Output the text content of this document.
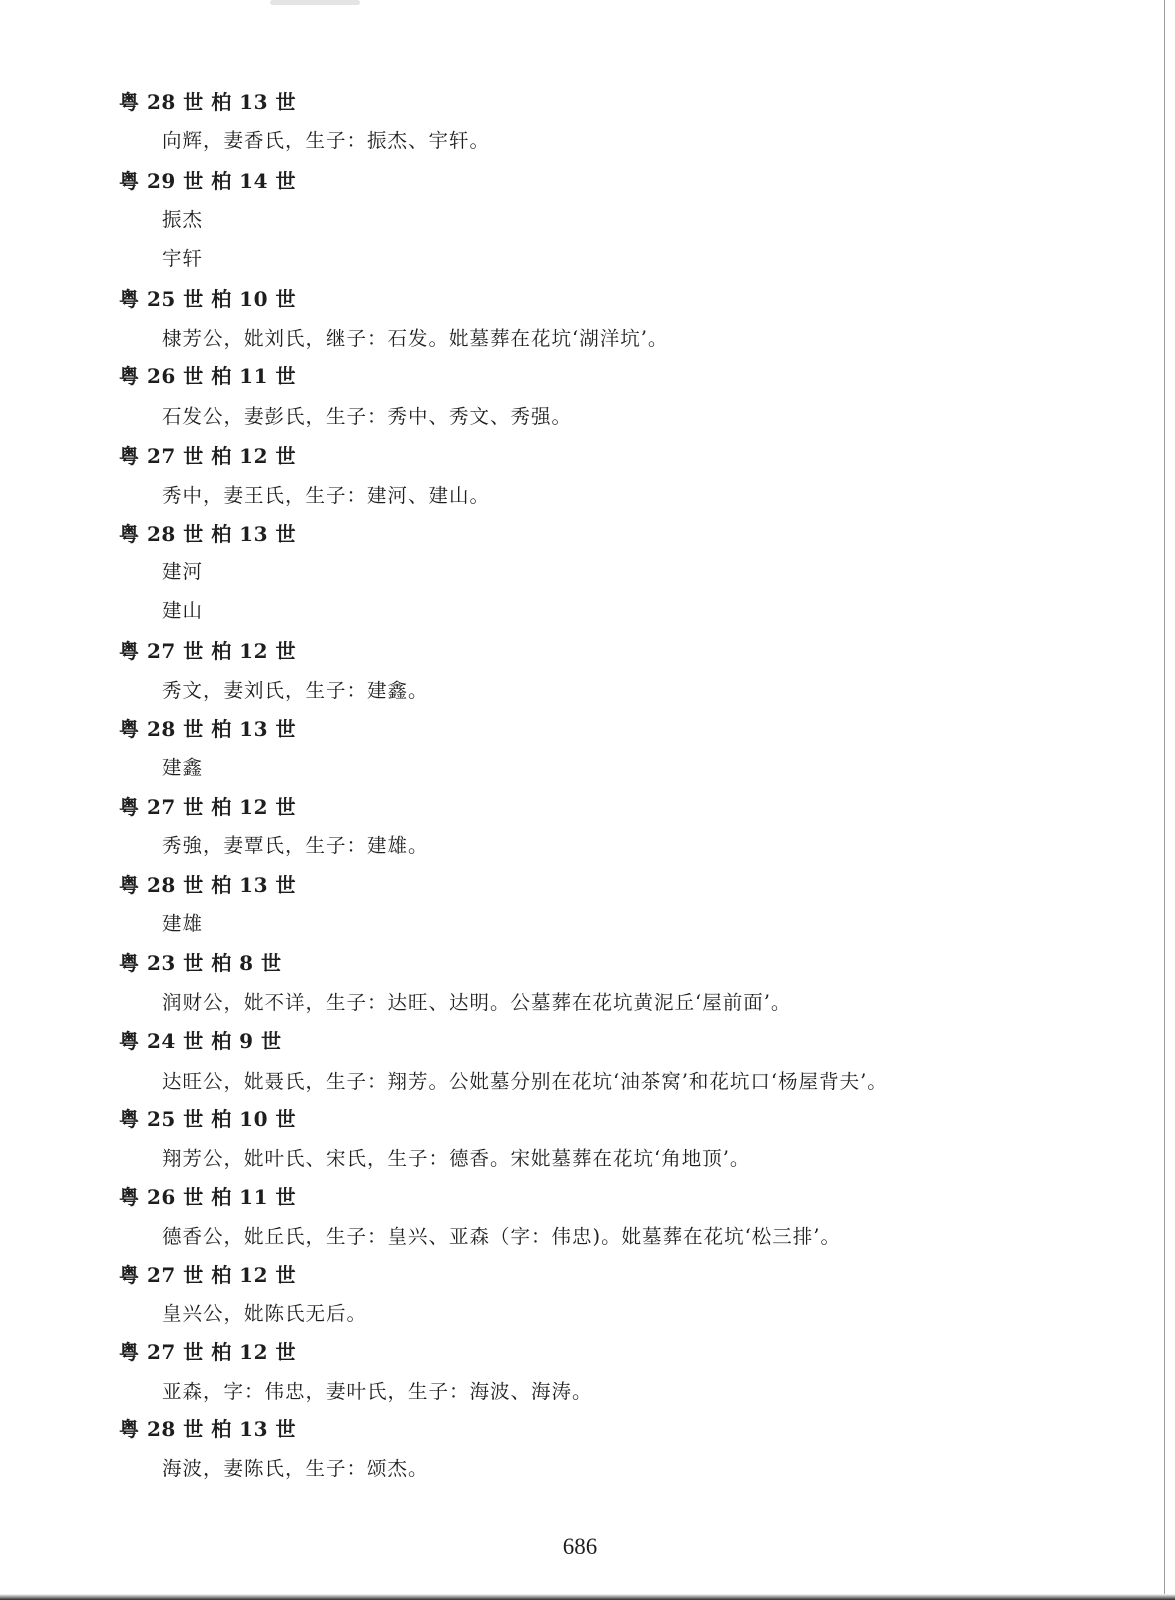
粤 28 世 柏 13 世
向辉，妻香氏，生子：振杰、宇轩。
粤 29 世 柏 14 世
振杰
宇轩
粤 25 世 柏 10 世
棣芳公，妣刘氏，继子：石发。妣墓葬在花坑‘湖洋坑’。
粤 26 世 柏 11 世
石发公，妻彭氏，生子：秀中、秀文、秀强。
粤 27 世 柏 12 世
秀中，妻王氏，生子：建河、建山。
粤 28 世 柏 13 世
建河
建山
粤 27 世 柏 12 世
秀文，妻刘氏，生子：建鑫。
粤 28 世 柏 13 世
建鑫
粤 27 世 柏 12 世
秀強，妻覃氏，生子：建雄。
粤 28 世 柏 13 世
建雄
粤 23 世 柏 8 世
润财公，妣不详，生子：达旺、达明。公墓葬在花坑黄泥丘‘屋前面’。
粤 24 世 柏 9 世
达旺公，妣聂氏，生子：翔芳。公妣墓分别在花坑‘油茶窝’和花坑口‘杨屋背夫’。
粤 25 世 柏 10 世
翔芳公，妣叶氏、宋氏，生子：德香。宋妣墓葬在花坑‘角地顶’。
粤 26 世 柏 11 世
德香公，妣丘氏，生子：皇兴、亚森（字：伟忠)。妣墓葬在花坑‘松三排’。
粤 27 世 柏 12 世
皇兴公，妣陈氏无后。
粤 27 世 柏 12 世
亚森，字：伟忠，妻叶氏，生子：海波、海涛。
粤 28 世 柏 13 世
海波，妻陈氏，生子：颂杰。
686
